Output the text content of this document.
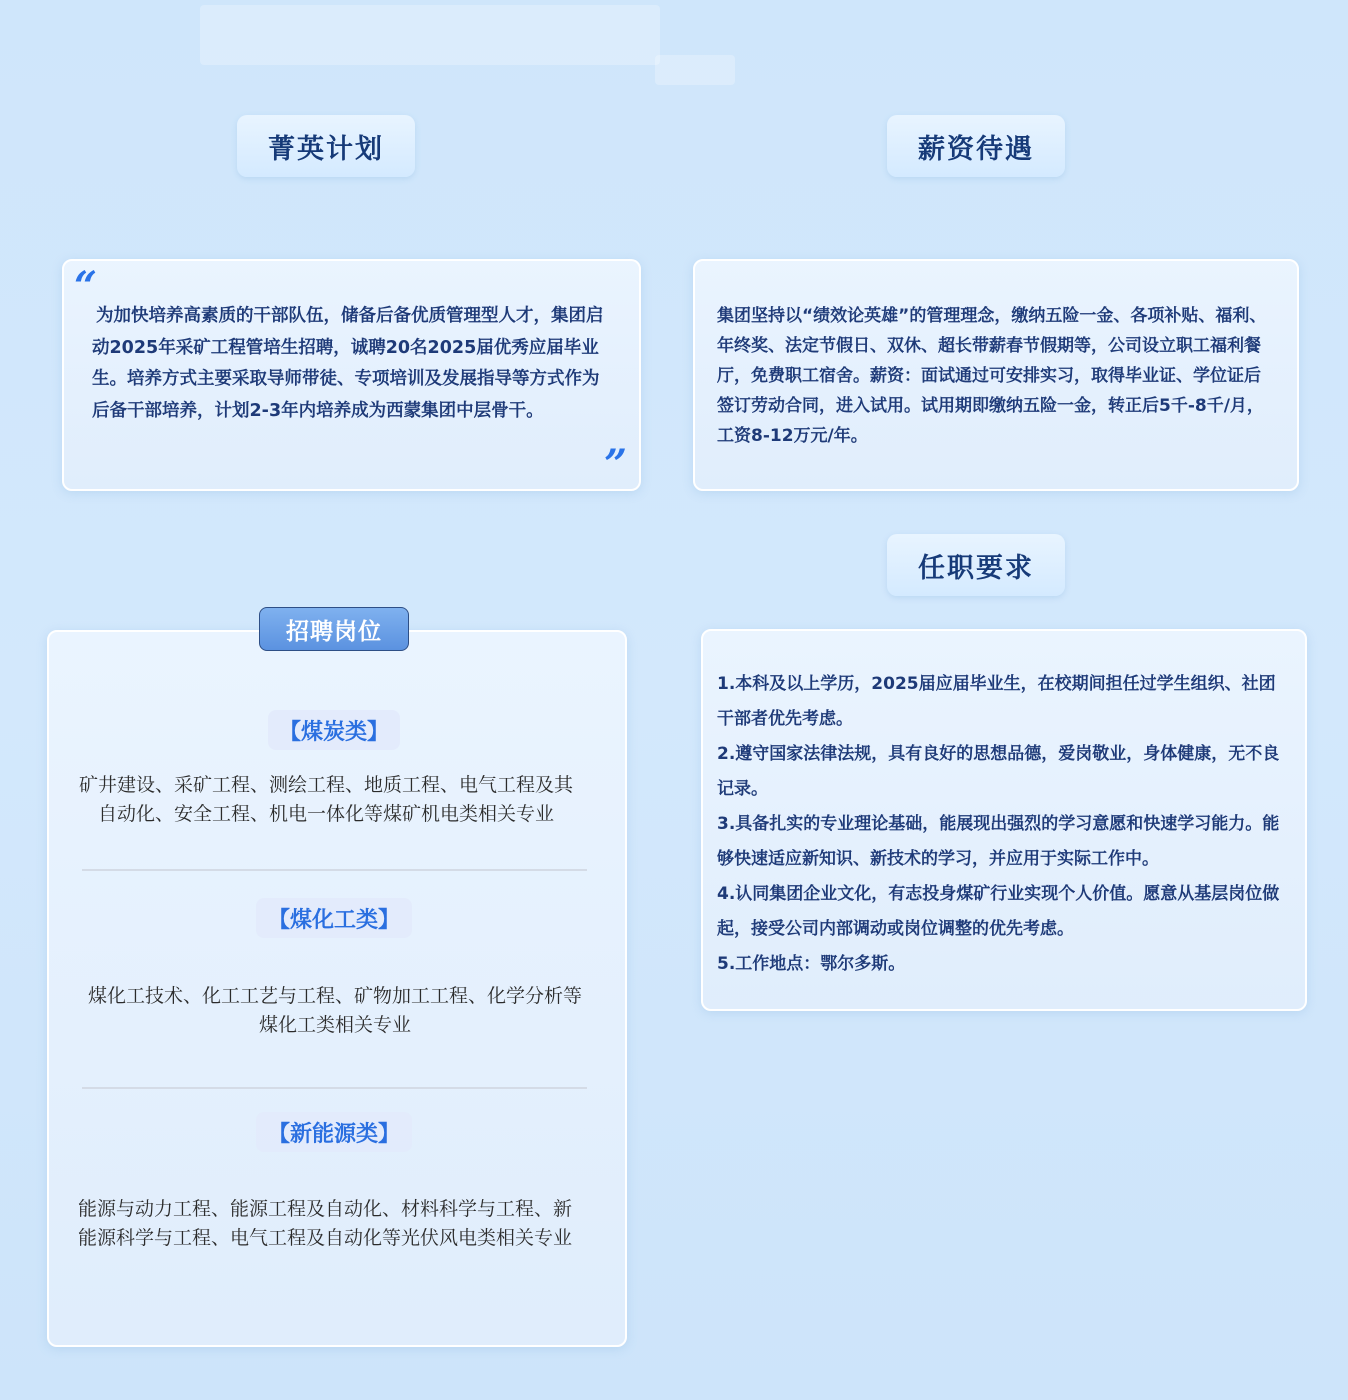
菁英计划	薪资待遇
任职要求
“
”
为加快培养高素质的干部队伍，储备后备优质管理型人才，集团启动2025年采矿工程管培生招聘，诚聘20名2025届优秀应届毕业生。培养方式主要采取导师带徒、专项培训及发展指导等方式作为后备干部培养，计划2-3年内培养成为西蒙集团中层骨干。
集团坚持以“绩效论英雄”的管理理念，缴纳五险一金、各项补贴、福利、年终奖、法定节假日、双休、超长带薪春节假期等，公司设立职工福利餐厅，免费职工宿舍。薪资：面试通过可安排实习，取得毕业证、学位证后签订劳动合同，进入试用。试用期即缴纳五险一金，转正后5千-8千/月，工资8-12万元/年。
招聘岗位
【煤炭类】
矿井建设、采矿工程、测绘工程、地质工程、电气工程及其自动化、安全工程、机电一体化等煤矿机电类相关专业
【煤化工类】
煤化工技术、化工工艺与工程、矿物加工工程、化学分析等煤化工类相关专业
【新能源类】
能源与动力工程、能源工程及自动化、材料科学与工程、新能源科学与工程、电气工程及自动化等光伏风电类相关专业
1.本科及以上学历，2025届应届毕业生，在校期间担任过学生组织、社团干部者优先考虑。
2.遵守国家法律法规，具有良好的思想品德，爱岗敬业，身体健康，无不良记录。
3.具备扎实的专业理论基础，能展现出强烈的学习意愿和快速学习能力。能够快速适应新知识、新技术的学习，并应用于实际工作中。
4.认同集团企业文化，有志投身煤矿行业实现个人价值。愿意从基层岗位做起，接受公司内部调动或岗位调整的优先考虑。
5.工作地点：鄂尔多斯。
